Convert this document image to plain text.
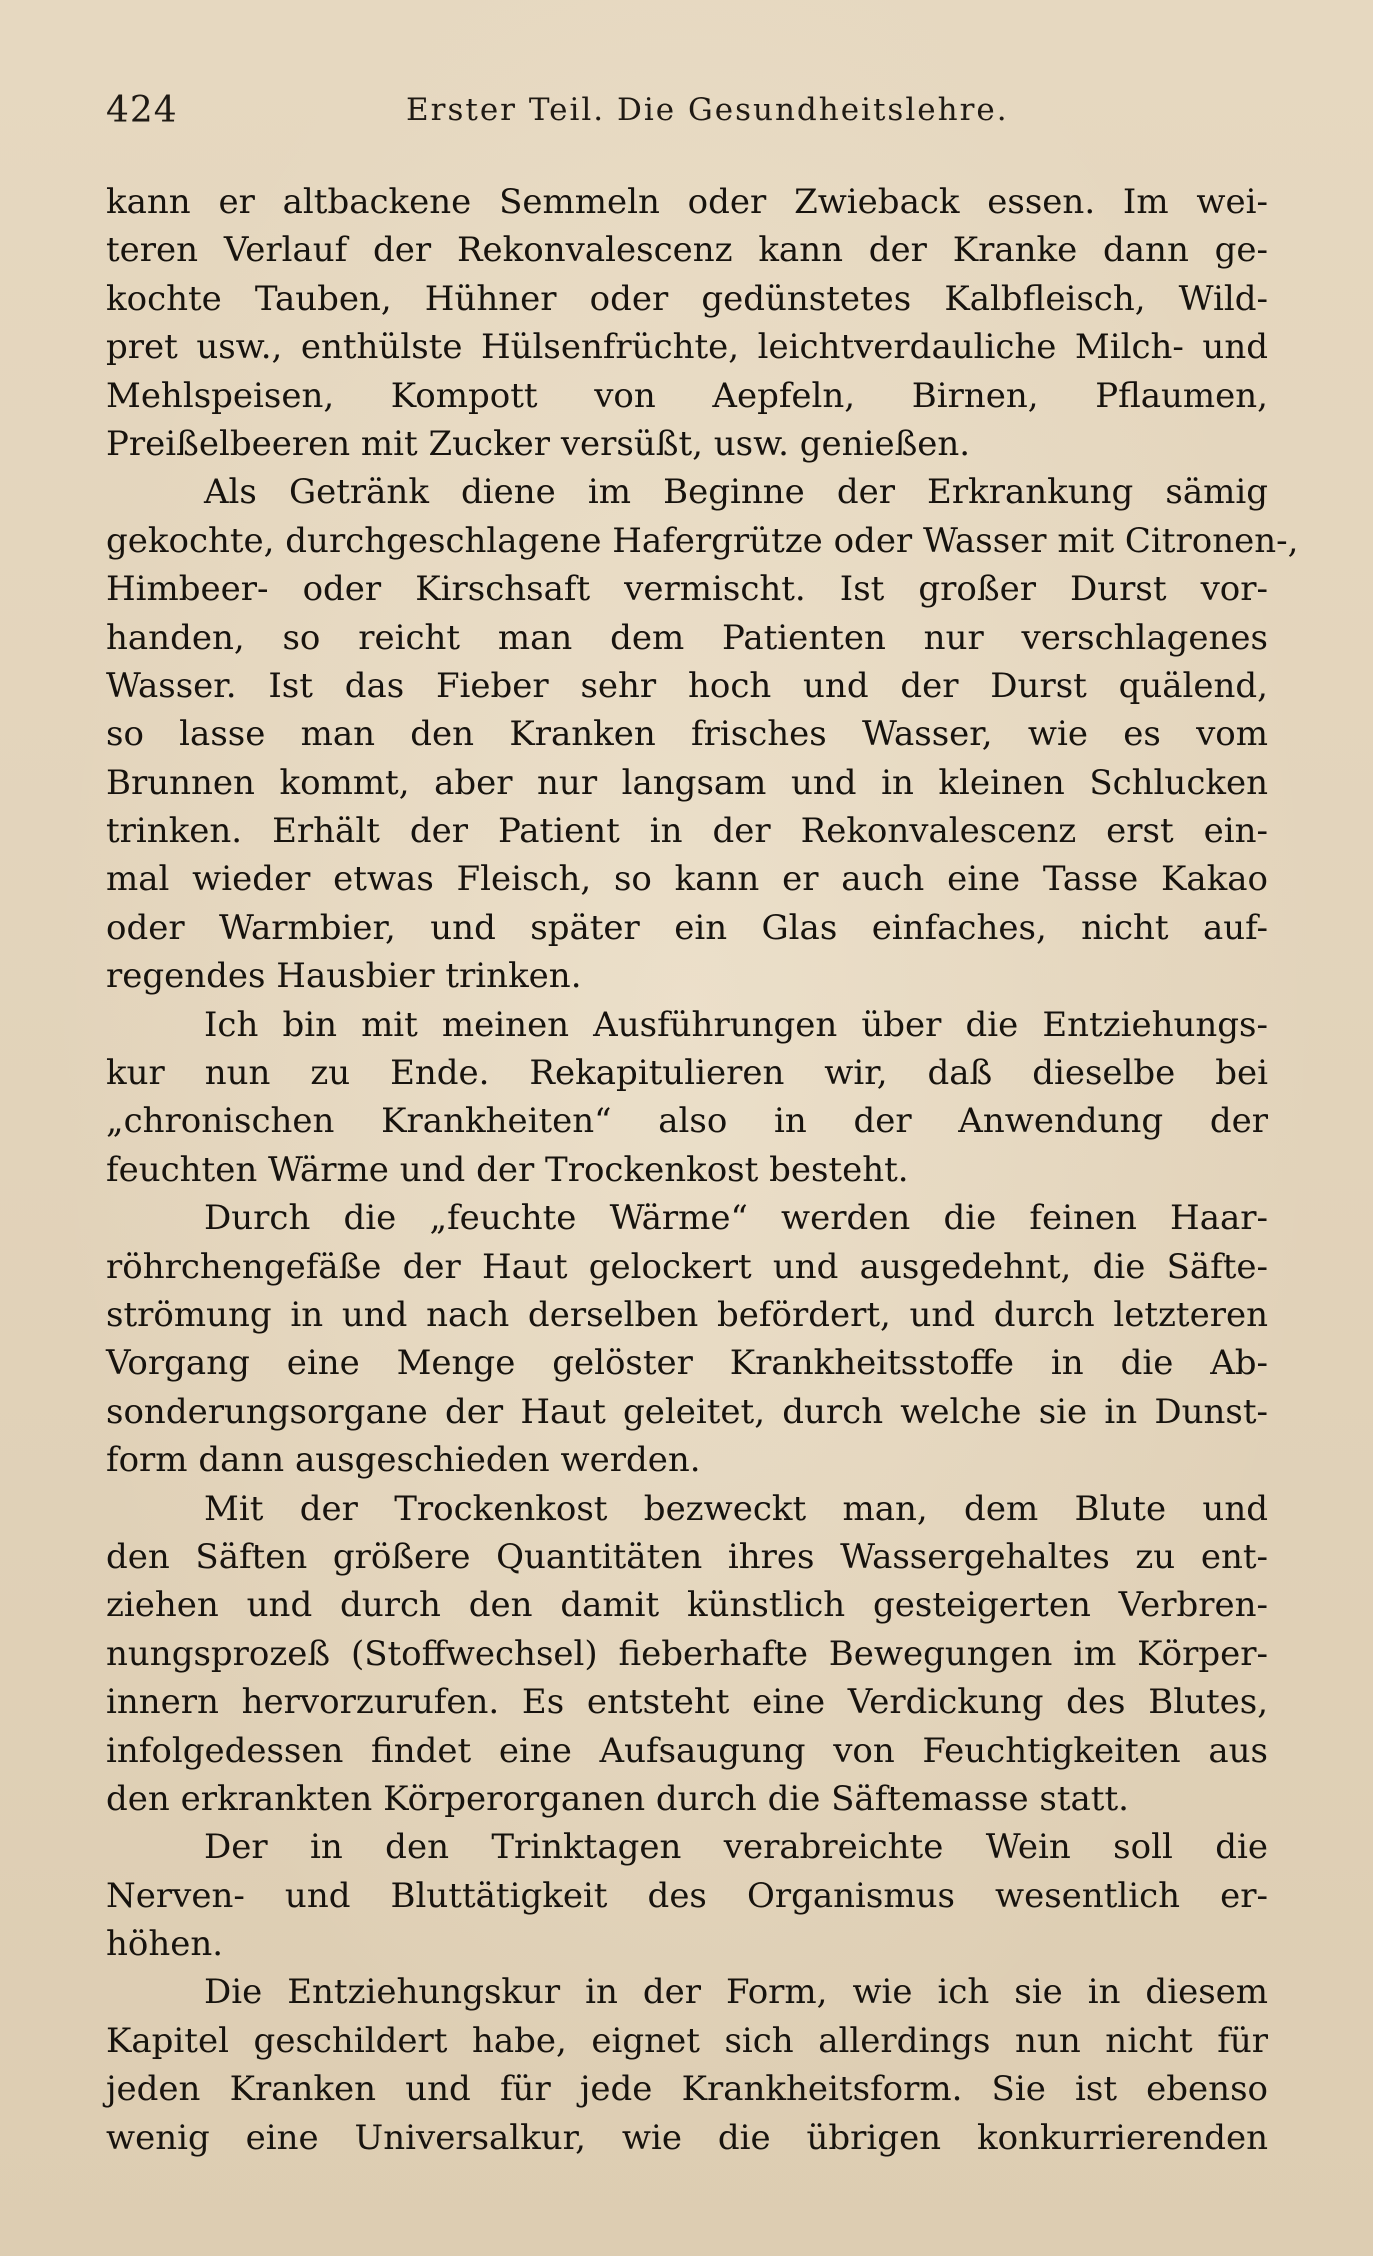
424	Erster Teil. Die Gesundheitslehre.
kann er altbackene Semmeln oder Zwieback essen. Im wei-
teren Verlauf der Rekonvalescenz kann der Kranke dann ge-
kochte Tauben, Hühner oder gedünstetes Kalbfleisch, Wild-
pret usw., enthülste Hülsenfrüchte, leichtverdauliche Milch- und
Mehlspeisen, Kompott von Aepfeln, Birnen, Pflaumen,
Preißelbeeren mit Zucker versüßt, usw. genießen.
Als Getränk diene im Beginne der Erkrankung sämig
gekochte, durchgeschlagene Hafergrütze oder Wasser mit Citronen-,
Himbeer- oder Kirschsaft vermischt. Ist großer Durst vor-
handen, so reicht man dem Patienten nur verschlagenes
Wasser. Ist das Fieber sehr hoch und der Durst quälend,
so lasse man den Kranken frisches Wasser, wie es vom
Brunnen kommt, aber nur langsam und in kleinen Schlucken
trinken. Erhält der Patient in der Rekonvalescenz erst ein-
mal wieder etwas Fleisch, so kann er auch eine Tasse Kakao
oder Warmbier, und später ein Glas einfaches, nicht auf-
regendes Hausbier trinken.
Ich bin mit meinen Ausführungen über die Entziehungs-
kur nun zu Ende. Rekapitulieren wir, daß dieselbe bei
„chronischen Krankheiten“ also in der Anwendung der
feuchten Wärme und der Trockenkost besteht.
Durch die „feuchte Wärme“ werden die feinen Haar-
röhrchengefäße der Haut gelockert und ausgedehnt, die Säfte-
strömung in und nach derselben befördert, und durch letzteren
Vorgang eine Menge gelöster Krankheitsstoffe in die Ab-
sonderungsorgane der Haut geleitet, durch welche sie in Dunst-
form dann ausgeschieden werden.
Mit der Trockenkost bezweckt man, dem Blute und
den Säften größere Quantitäten ihres Wassergehaltes zu ent-
ziehen und durch den damit künstlich gesteigerten Verbren-
nungsprozeß (Stoffwechsel) fieberhafte Bewegungen im Körper-
innern hervorzurufen. Es entsteht eine Verdickung des Blutes,
infolgedessen findet eine Aufsaugung von Feuchtigkeiten aus
den erkrankten Körperorganen durch die Säftemasse statt.
Der in den Trinktagen verabreichte Wein soll die
Nerven- und Bluttätigkeit des Organismus wesentlich er-
höhen.
Die Entziehungskur in der Form, wie ich sie in diesem
Kapitel geschildert habe, eignet sich allerdings nun nicht für
jeden Kranken und für jede Krankheitsform. Sie ist ebenso
wenig eine Universalkur, wie die übrigen konkurrierenden
